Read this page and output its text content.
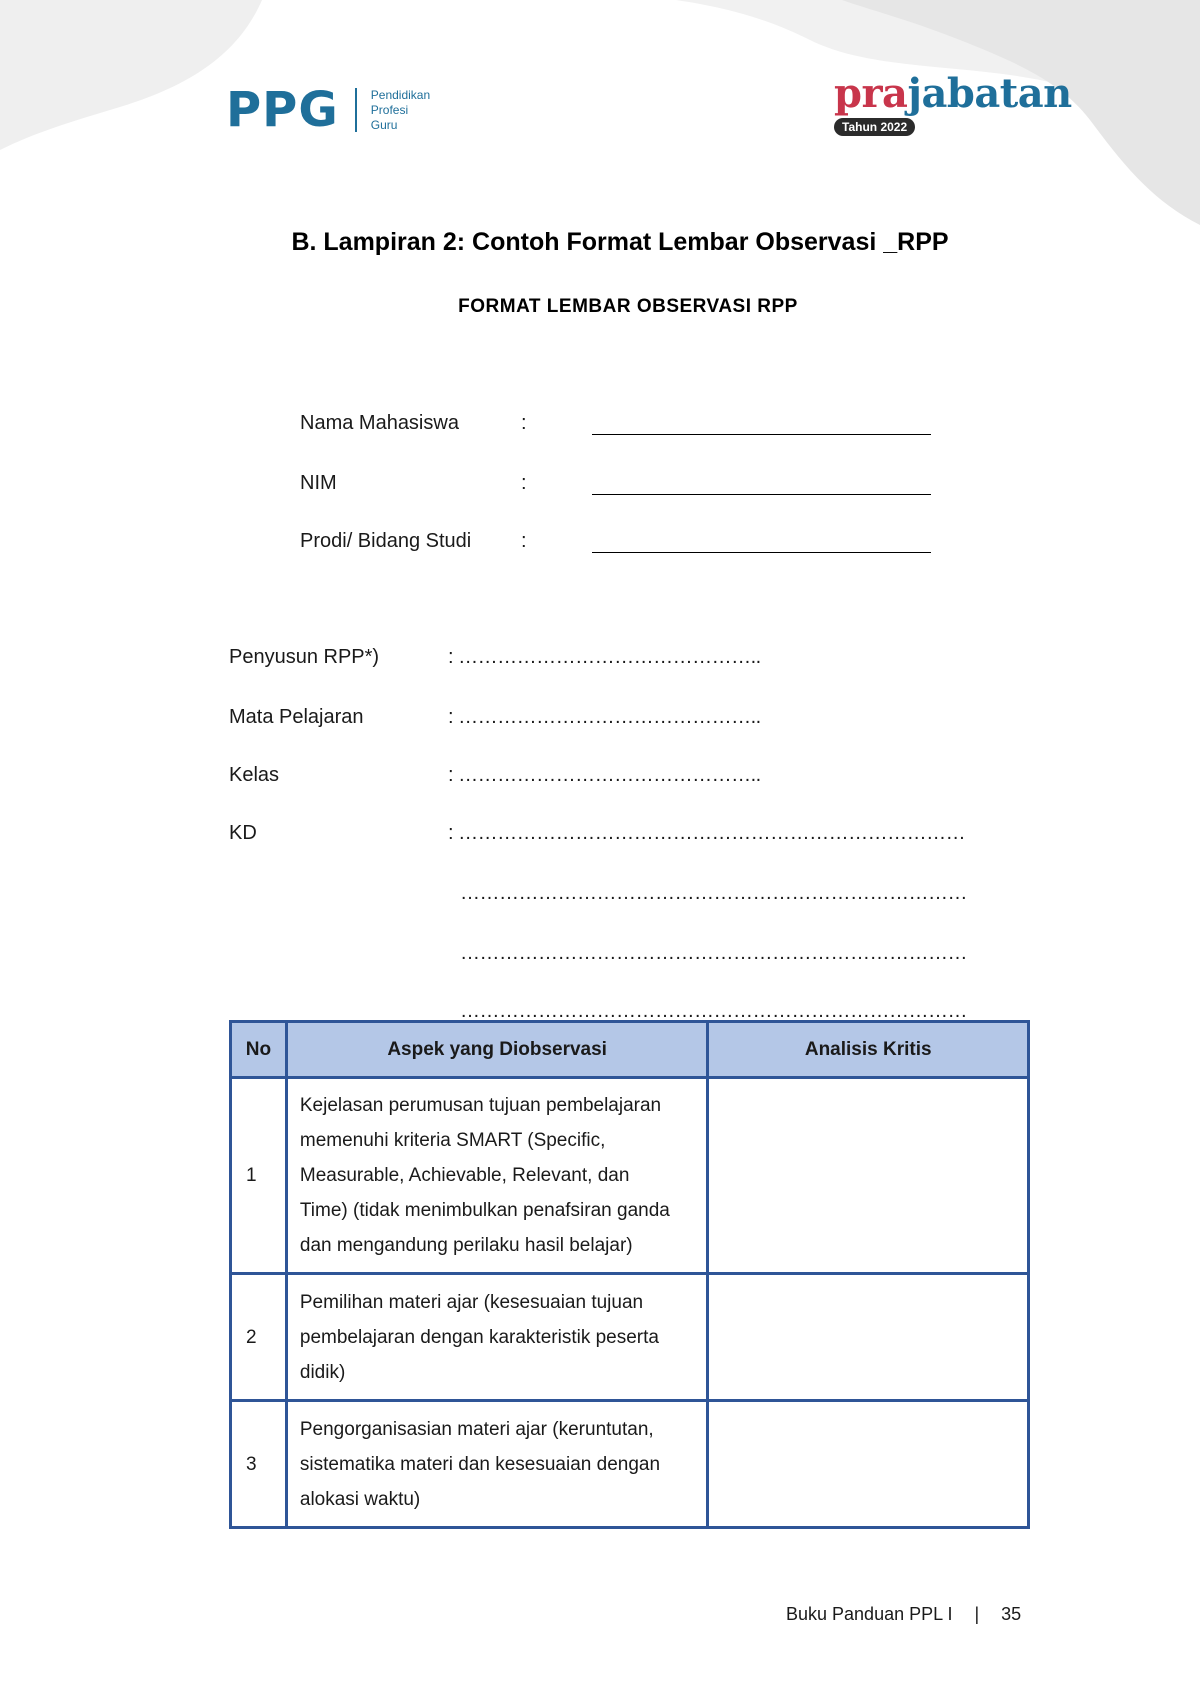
PPG	Pendidikan
Profesi
Guru
prajabatan
Tahun 2022
B. Lampiran 2: Contoh Format Lembar Observasi _RPP
FORMAT LEMBAR OBSERVASI RPP
Nama Mahasiswa	:
NIM	:
Prodi/ Bidang Studi :
Penyusun RPP*)	: ………………………………………..
Mata Pelajaran	: ………………………………………..
Kelas	: ………………………………………..
KD	: ……………………………………………………………………
……………………………………………………………………
……………………………………………………………………
……………………………………………………………………
No	Aspek yang Diobservasi	Analisis Kritis
1	Kejelasan perumusan tujuan pembelajaran
memenuhi kriteria SMART (Specific,
Measurable, Achievable, Relevant, dan
Time) (tidak menimbulkan penafsiran ganda
dan mengandung perilaku hasil belajar)	

2	Pemilihan materi ajar (kesesuaian tujuan
pembelajaran dengan karakteristik peserta
didik)	

3	Pengorganisasian materi ajar (keruntutan,
sistematika materi dan kesesuaian dengan
alokasi waktu)	

Buku Panduan PPL I | 35
